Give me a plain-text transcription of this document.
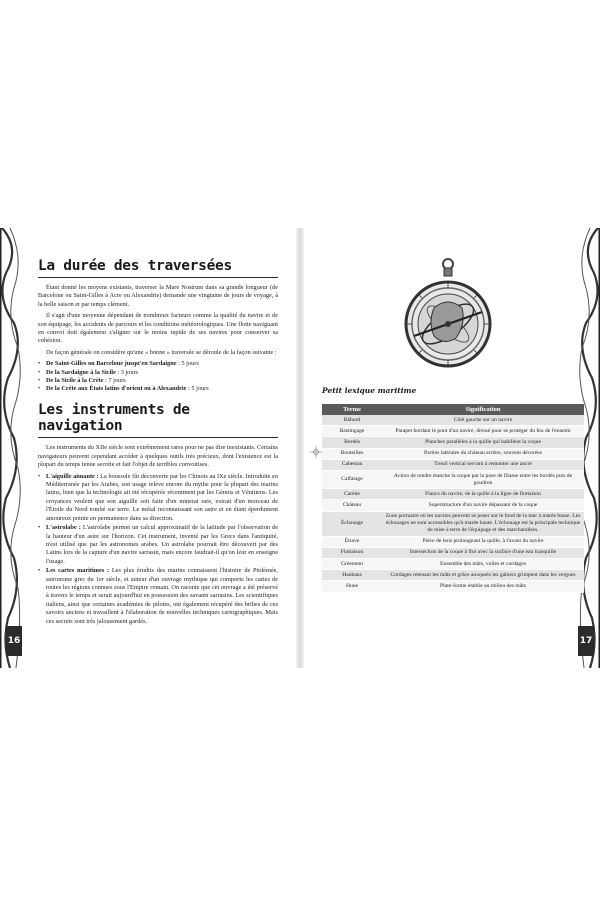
La durée des traversées

Étant donné les moyens existants, traverser la Mare Nostrum dans sa grande longueur (de Barcelone ou Saint-Gilles à Acre ou Alexandrie) demande une vingtaine de jours de voyage, à la belle saison et par temps clément.

Il s'agit d'une moyenne dépendant de nombreux facteurs comme la qualité du navire et de son équipage, les accidents de parcours et les conditions météorologiques. Une flotte naviguant en convoi doit également s'aligner sur le moins rapide de ses navires pour conserver sa cohésion.

De façon générale on considère qu'une « bonne » traversée se déroule de la façon suivante :

• De Saint-Gilles ou Barcelone jusqu'en Sardaigne : 5 jours
• De la Sardaigne à la Sicile : 3 jours
• De la Sicile à la Crète : 7 jours
• De la Crète aux États latins d'orient ou à Alexandrie : 5 jours
Les instruments de navigation

Les instruments du XIIe siècle sont extrêmement rares pour ne pas dire inexistants. Certains navigateurs peuvent cependant accéder à quelques outils très précieux, dont l'existence est la plupart du temps tenue secrète et fait l'objet de terribles convoitises.

• L'aiguille aimante : La boussole fût découverte par les Chinois au IXe siècle. Introduite en Méditerranée par les Arabes, son usage relève encore du mythe pour la plupart des marins latins, bien que la technologie ait été récupérée récemment par les Génois et Vénitiens. Les croyances veulent que son aiguille soit faite d'un minerai rare, extrait d'un morceau de l'Étoile du Nord tombé sur terre. Le métal reconnaissant son astre et en étant éperdument amoureux pointe en permanence dans sa direction.
• L'astrolabe : L'astrolabe permet un calcul approximatif de la latitude par l'observation de la hauteur d'un astre sur l'horizon. Cet instrument, inventé par les Grecs dans l'antiquité, n'est utilisé que par les astronomes arabes. Un astrolabe pourrait être découvert par des Latins lors de la capture d'un navire sarrasin, mais encore faudrait-il qu'on leur en enseigne l'usage.
• Les cartes maritimes : Les plus érudits des marins connaissent l'histoire de Ptolémée, astronome grec du 1er siècle, et auteur d'un ouvrage mythique qui comporte les cartes de toutes les régions connues sous l'Empire romain. On raconte que cet ouvrage a été préservé à travers le temps et serait aujourd'hui en possession des savants sarrasins. Les scientifiques italiens, ainsi que certaines académies de pilotes, ont également récupéré des bribes de ces savoirs anciens et travaillent à l'élaboration de nouvelles techniques cartographiques. Mais ces secrets sont très jalousement gardés.
16
Petit lexique maritime
Terme	Signification
Bâbord	Côté gauche sur un navire
Bastingage	Parapet bordant le pont d'un navire, dressé pour se protéger du feu de l'ennemi
Bordés	Planches parallèles à la quille qui habillent la coque
Bouteilles	Parties latérales du château arrière, souvent décorées
Cabestan	Treuil vertical servant à remonter une ancre
Calfatage	Action de rendre étanche la coque par la pose de filasse entre les bordés puis de goudron
Carène	Flancs du navire, de la quille à la ligne de flottaison
Château	Superstructure d'un navire dépassant de la coque
Échouage	Zone portuaire où les navires peuvent se poser sur le fond de la mer à marée basse. Les échouages ne sont accessibles qu'à marée haute. L'échouage est la principale technique de mise à terre de l'équipage et des marchandises.
Étrave	Pièce de bois prolongeant la quille, à l'avant du navire
Flottaison	Intersection de la coque à flot avec la surface d'une eau tranquille
Gréement	Ensemble des mâts, voiles et cordages
Haubans	Cordages retenant les mâts et grâce auxquels les gabiers grimpent dans les vergues
Hune	Plate-forme établie au milieu des mâts
17
